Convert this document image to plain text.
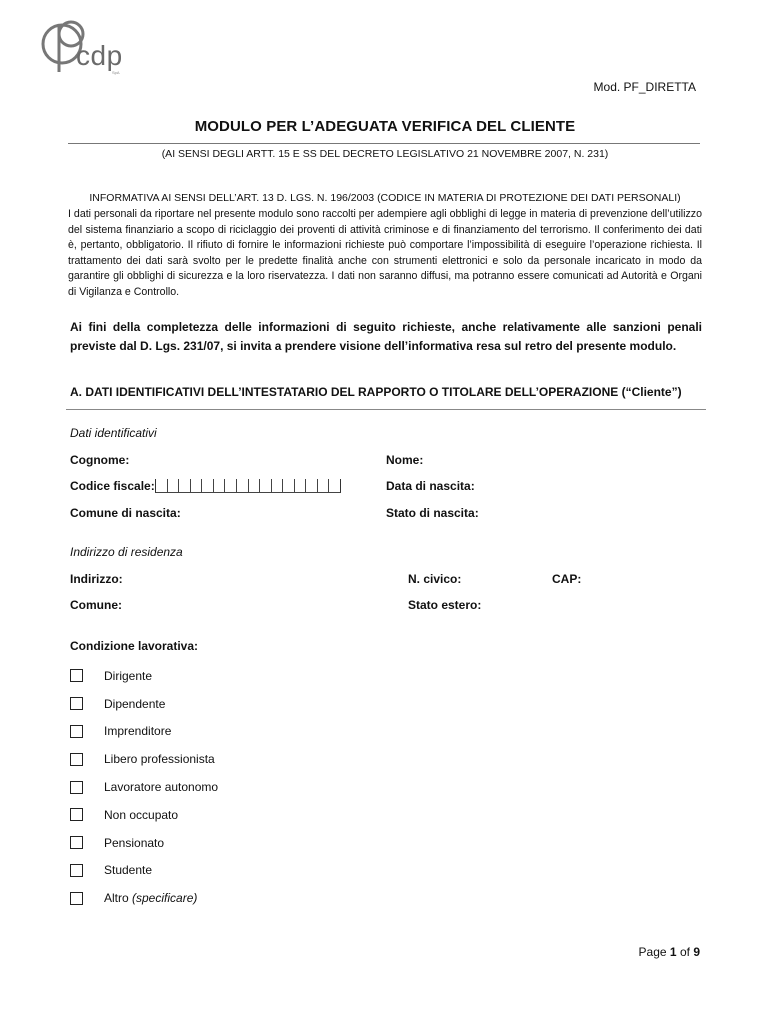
cdp
SpA
Mod. PF_DIRETTA
MODULO PER L’ADEGUATA VERIFICA DEL CLIENTE
(AI SENSI DEGLI ARTT. 15 E SS DEL DECRETO LEGISLATIVO 21 NOVEMBRE 2007, N. 231)
INFORMATIVA AI SENSI DELL’ART. 13 D. LGS. N. 196/2003 (CODICE IN MATERIA DI PROTEZIONE DEI DATI PERSONALI)
I dati personali da riportare nel presente modulo sono raccolti per adempiere agli obblighi di legge in materia di prevenzione dell’utilizzo del sistema finanziario a scopo di riciclaggio dei proventi di attività criminose e di finanziamento del terrorismo. Il conferimento dei dati è, pertanto, obbligatorio. Il rifiuto di fornire le informazioni richieste può comportare l’impossibilità di eseguire l’operazione richiesta. Il trattamento dei dati sarà svolto per le predette finalità anche con strumenti elettronici e solo da personale incaricato in modo da garantire gli obblighi di sicurezza e la loro riservatezza. I dati non saranno diffusi, ma potranno essere comunicati ad Autorità e Organi di Vigilanza e Controllo.
Ai fini della completezza delle informazioni di seguito richieste, anche relativamente alle sanzioni penali previste dal D. Lgs. 231/07, si invita a prendere visione dell’informativa resa sul retro del presente modulo.
A. DATI IDENTIFICATIVI DELL’INTESTATARIO DEL RAPPORTO O TITOLARE DELL’OPERAZIONE (“Cliente”)
Dati identificativi
Cognome:	Nome:
Codice fiscale:	Data di nascita:
Comune di nascita:	Stato di nascita:
Indirizzo di residenza
Indirizzo:	N. civico:	CAP:
Comune:	Stato estero:
Condizione lavorativa:
Dirigente
Dipendente
Imprenditore
Libero professionista
Lavoratore autonomo
Non occupato
Pensionato
Studente
Altro (specificare)
Page 1 of 9
